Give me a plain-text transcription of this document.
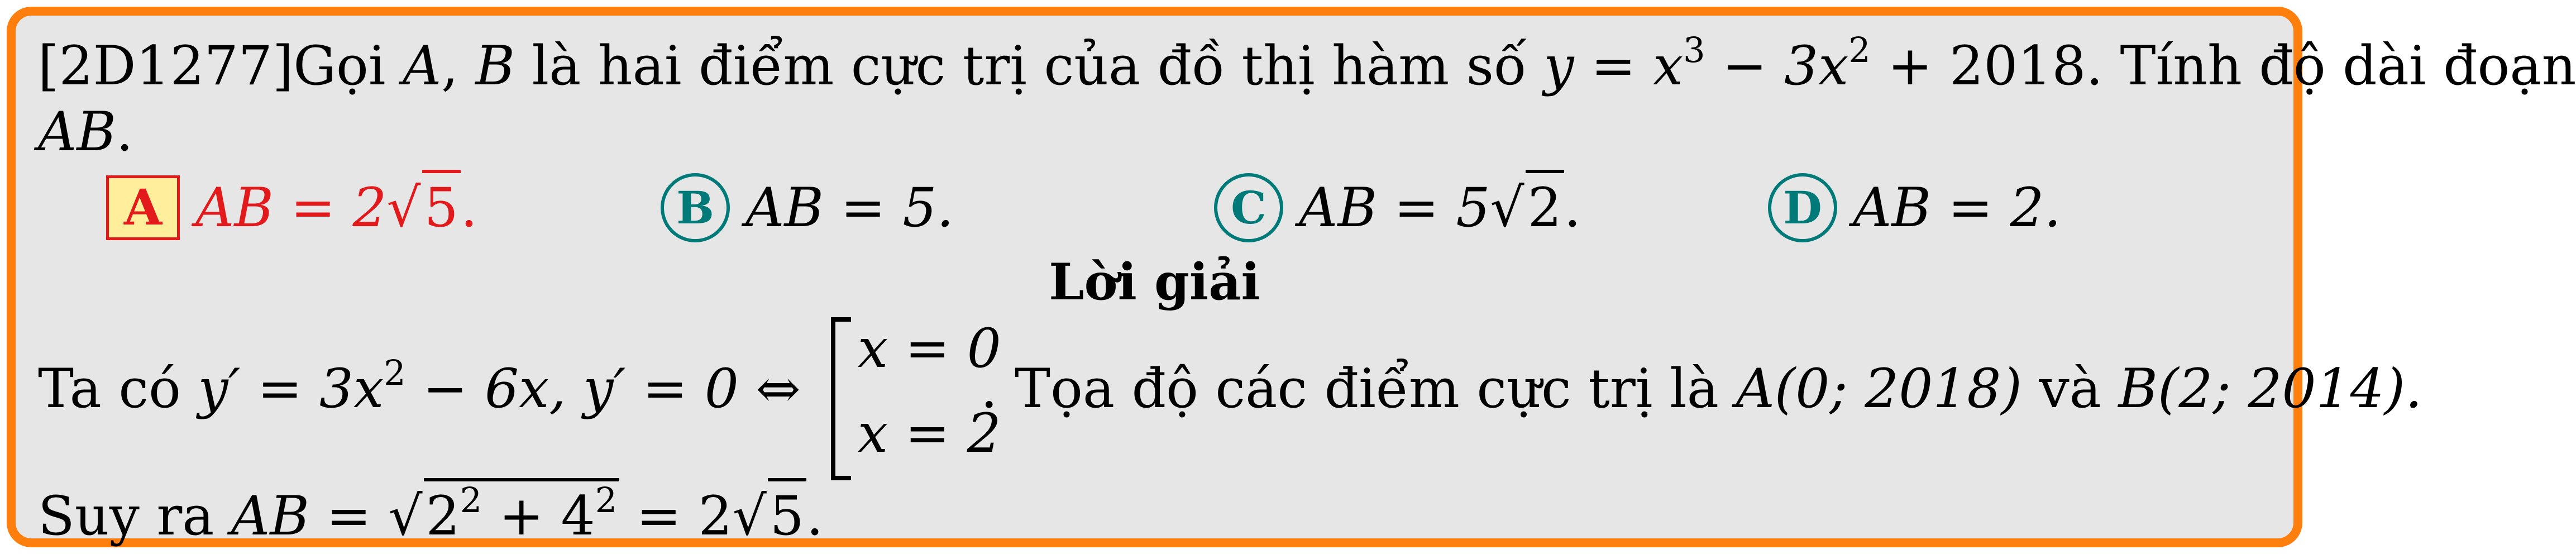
[2D1277]Gọi A, B là hai điểm cực trị của đồ thị hàm số $y = x^3 - 3x^2 + 2018$. Tính độ dài đoạn
AB.
A AB = 2√5.	B AB = 5.	C AB = 5√2.	D AB = 2.
Lời giải
Ta có $y' = 3x^2 - 6x$, y′ = 0 ⇔
x = 0
x = 2
. Tọa độ các điểm cực trị là A(0; 2018) và B(2; 2014).
Suy ra AB = $√2^2 + 4^2 = 2√5$.
